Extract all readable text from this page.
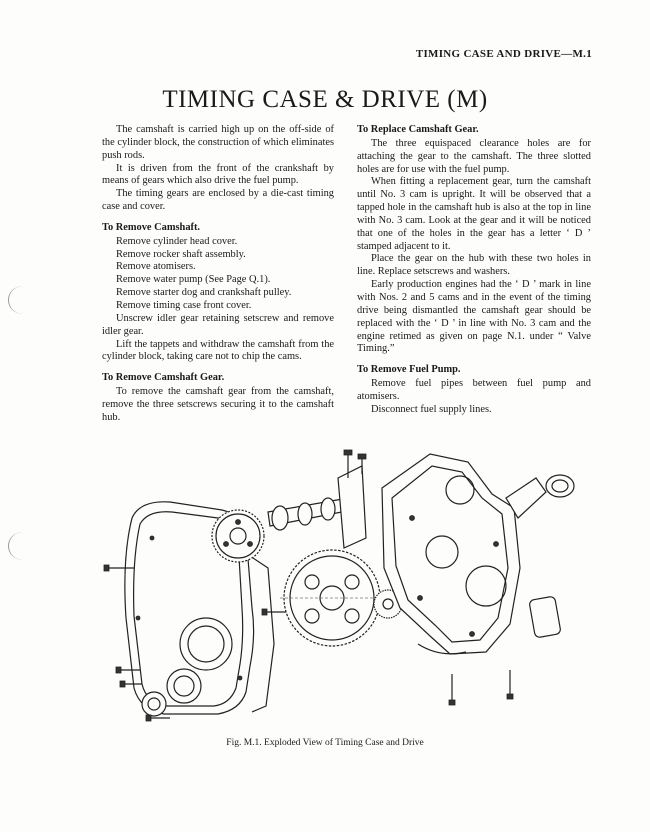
TIMING CASE AND DRIVE—M.1
TIMING CASE & DRIVE (M)

The camshaft is carried high up on the off-side of the cylinder block, the construction of which eliminates push rods.

It is driven from the front of the crankshaft by means of gears which also drive the fuel pump.

The timing gears are enclosed by a die-cast timing case and cover.

To Remove Camshaft.

Remove cylinder head cover.

Remove rocker shaft assembly.

Remove atomisers.

Remove water pump (See Page Q.1).

Remove starter dog and crankshaft pulley.

Remove timing case front cover.

Unscrew idler gear retaining setscrew and remove idler gear.

Lift the tappets and withdraw the camshaft from the cylinder block, taking care not to chip the cams.

To Remove Camshaft Gear.

To remove the camshaft gear from the camshaft, remove the three setscrews securing it to the camshaft hub.

To Replace Camshaft Gear.

The three equispaced clearance holes are for attaching the gear to the camshaft. The three slotted holes are for use with the fuel pump.

When fitting a replacement gear, turn the camshaft until No. 3 cam is upright. It will be observed that a tapped hole in the camshaft hub is also at the top in line with No. 3 cam. Look at the gear and it will be noticed that one of the holes in the gear has a letter ‘ D ’ stamped adjacent to it.

Place the gear on the hub with these two holes in line. Replace setscrews and washers.

Early production engines had the ‘ D ’ mark in line with Nos. 2 and 5 cams and in the event of the timing drive being dismantled the camshaft gear should be replaced with the ‘ D ’ in line with No. 3 cam and the engine retimed as given on page N.1. under “ Valve Timing.”

To Remove Fuel Pump.

Remove fuel pipes between fuel pump and atomisers.

Disconnect fuel supply lines.

Fig. M.1. Exploded View of Timing Case and Drive
